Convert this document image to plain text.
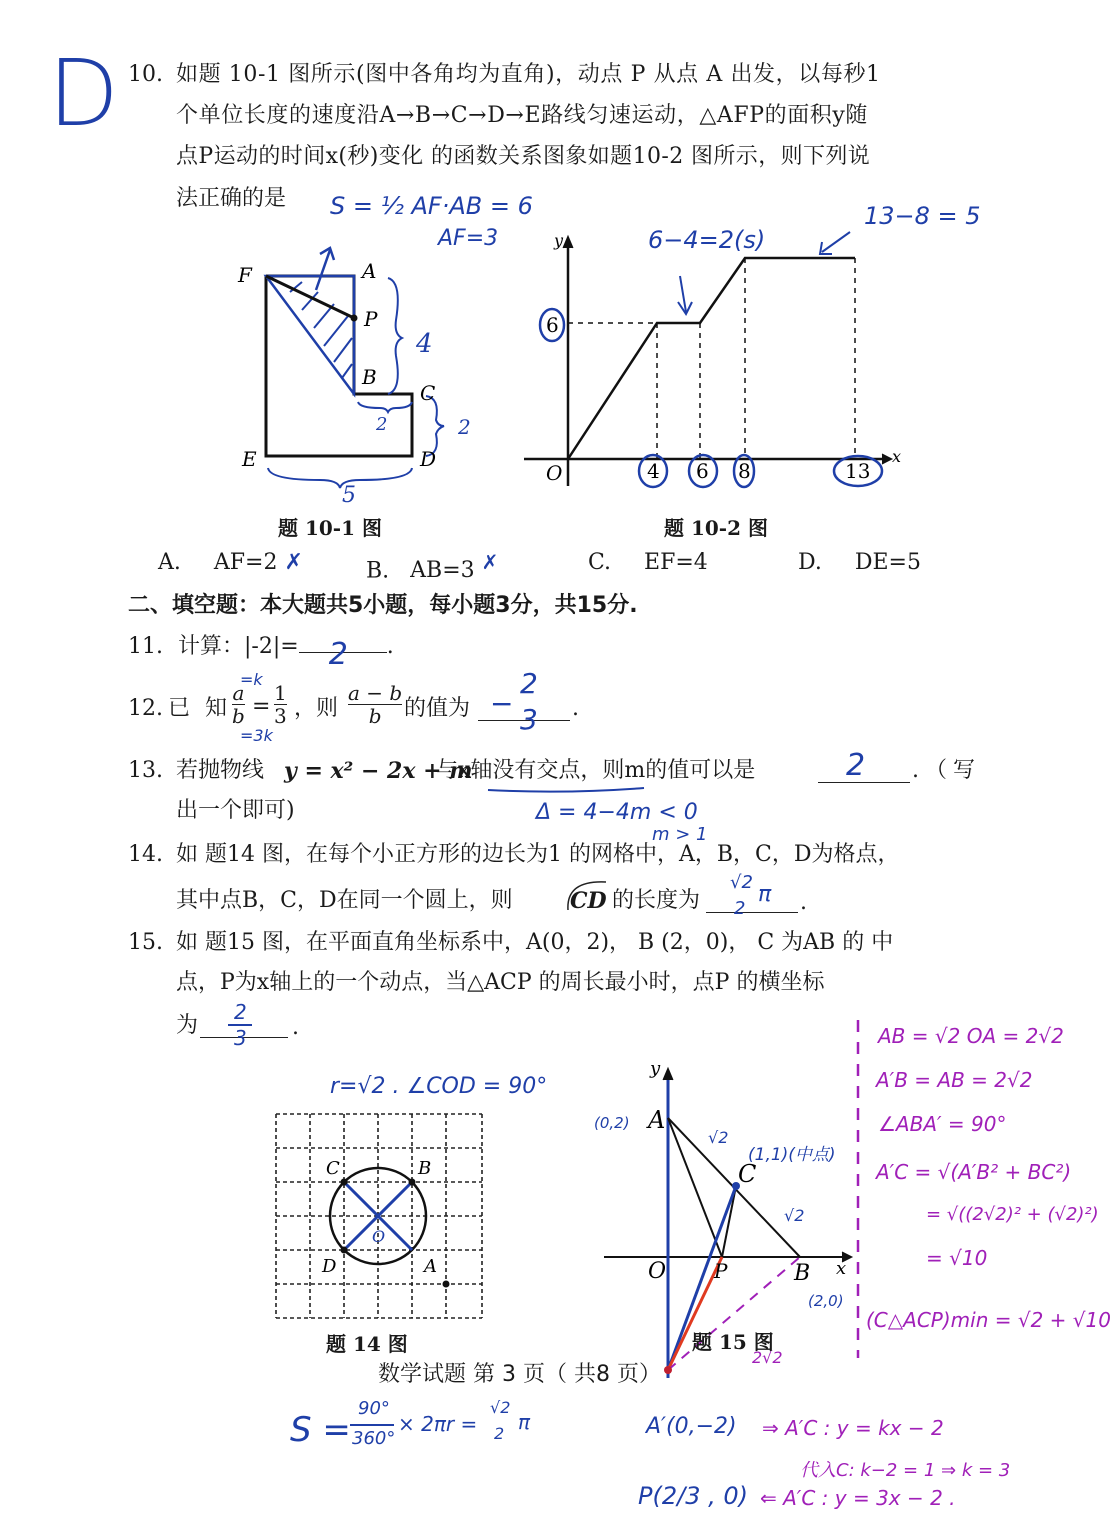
D 10. 如题 10-1 图所示(图中各角均为直角)，动点 P 从点 A 出发，以每秒1
个单位长度的速度沿A→B→C→D→E路线匀速运动，△AFP的面积y随
点P运动的时间x(秒)变化 的函数关系图象如题10-2 图所示，则下列说
法正确的是 S = ½ AF·AB = 6
AF=3	6−4=2(s)
13−8 = 5
F	A
P
B
C
D
E
4
5
2	2
题 10-1 图
y
x
O
6
4 6 8	13
题 10-2 图
A. AF=2 ✗	B. AB=3 ✗	C. EF=4	D. DE=5
二、填空题：本大题共5小题，每小题3分，共15分.
11. 计算：|-2|= 2 .
12. 已 知
a
b =
1
3 ，则
a − b
b 的值为	.
−
2
3
=k
=3k
13. 若抛物线 y = x² − 2x + m
与x轴没有交点，则m的值可以是	2 .（写
出一个即可)	Δ = 4−4m < 0
m > 1
14. 如 题14 图，在每个小正方形的边长为1 的网格中，A，B，C，D为格点，
其中点B，C，D在同一个圆上，则	CD 的长度为	.
√2
2
π
15. 如 题15 图，在平面直角坐标系中，A(0，2)， B (2，0)， C 为AB 的 中
点，P为x轴上的一个动点，当△ACP 的周长最小时，点P 的横坐标
为	.
2
3
r=√2 . ∠COD = 90°
C	B
D	A
O
题 14 图
y
x
A
B
C
O P
(0,2)
√2
(1,1)(中点)
√2
(2,0)
2√2
题 15 图
AB = √2 OA = 2√2
A′B = AB = 2√2
∠ABA′ = 90°
A′C = √(A′B² + BC²)
= √((2√2)² + (√2)²)
= √10
(C△ACP)min = √2 + √10
数学试题 第 3 页（ 共8 页）
S =
90°
360°
× 2πr =
√2
2 π	A′(0,−2) ⇒ A′C : y = kx − 2
代入C: k−2 = 1 ⇒ k = 3
P(2/3 , 0) ⇐ A′C : y = 3x − 2 .
